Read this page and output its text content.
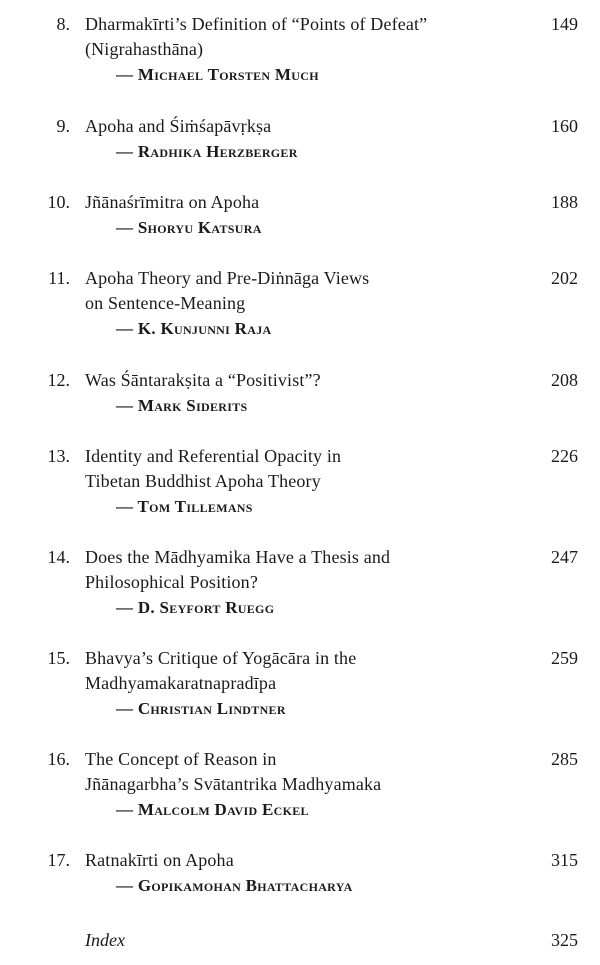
8. Dharmakīrti’s Definition of “Points of Defeat”
(Nigrahasthāna)
— Michael Torsten Much
149
9. Apoha and Śiṁśapāvṛkṣa
— Radhika Herzberger
160
10. Jñānaśrīmitra on Apoha
— Shoryu Katsura
188
11. Apoha Theory and Pre-Diṅnāga Views
on Sentence-Meaning
— K. Kunjunni Raja
202
12. Was Śāntarakṣita a “Positivist”?
— Mark Siderits
208
13. Identity and Referential Opacity in
Tibetan Buddhist Apoha Theory
— Tom Tillemans
226
14. Does the Mādhyamika Have a Thesis and
Philosophical Position?
— D. Seyfort Ruegg
247
15. Bhavya’s Critique of Yogācāra in the
Madhyamakaratnapradīpa
— Christian Lindtner
259
16. The Concept of Reason in
Jñānagarbha’s Svātantrika Madhyamaka
— Malcolm David Eckel
285
17. Ratnakīrti on Apoha
— Gopikamohan Bhattacharya
315
Index	325
